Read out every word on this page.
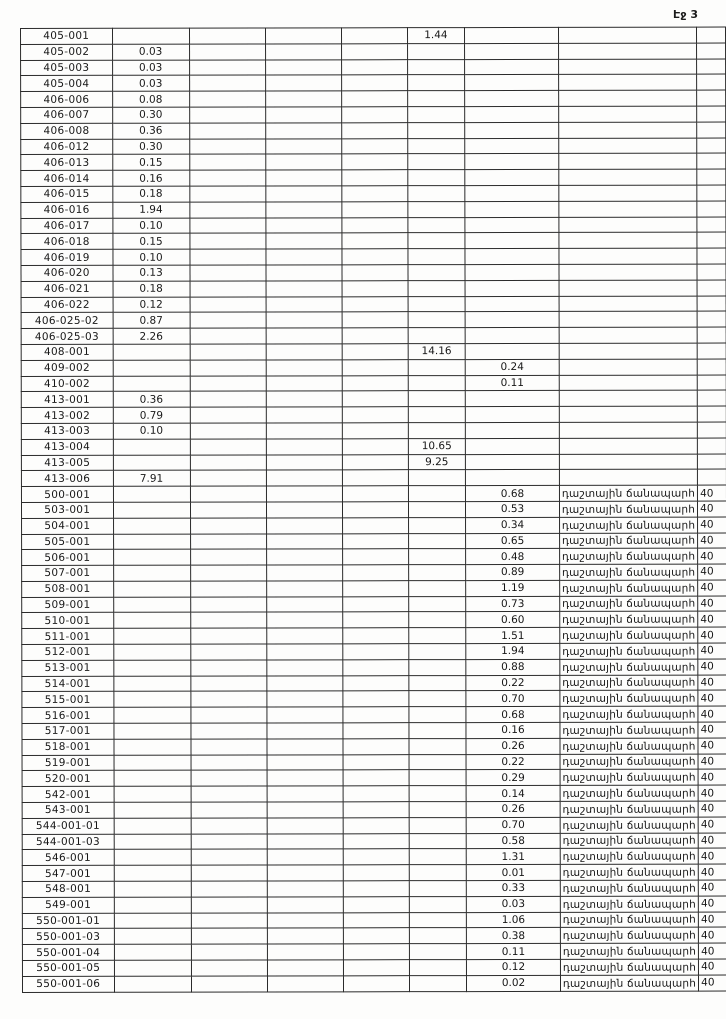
Էջ 3
405-001					1.44			
405-002	0.03							
405-003	0.03							
405-004	0.03							
406-006	0.08							
406-007	0.30							
406-008	0.36							
406-012	0.30							
406-013	0.15							
406-014	0.16							
406-015	0.18							
406-016	1.94							
406-017	0.10							
406-018	0.15							
406-019	0.10							
406-020	0.13							
406-021	0.18							
406-022	0.12							
406-025-02	0.87							
406-025-03	2.26							
408-001					14.16			
409-002						0.24		
410-002						0.11		
413-001	0.36							
413-002	0.79							
413-003	0.10							
413-004					10.65			
413-005					9.25			
413-006	7.91							
500-001						0.68	դաշտային ճանապարհ	40
503-001						0.53	դաշտային ճանապարհ	40
504-001						0.34	դաշտային ճանապարհ	40
505-001						0.65	դաշտային ճանապարհ	40
506-001						0.48	դաշտային ճանապարհ	40
507-001						0.89	դաշտային ճանապարհ	40
508-001						1.19	դաշտային ճանապարհ	40
509-001						0.73	դաշտային ճանապարհ	40
510-001						0.60	դաշտային ճանապարհ	40
511-001						1.51	դաշտային ճանապարհ	40
512-001						1.94	դաշտային ճանապարհ	40
513-001						0.88	դաշտային ճանապարհ	40
514-001						0.22	դաշտային ճանապարհ	40
515-001						0.70	դաշտային ճանապարհ	40
516-001						0.68	դաշտային ճանապարհ	40
517-001						0.16	դաշտային ճանապարհ	40
518-001						0.26	դաշտային ճանապարհ	40
519-001						0.22	դաշտային ճանապարհ	40
520-001						0.29	դաշտային ճանապարհ	40
542-001						0.14	դաշտային ճանապարհ	40
543-001						0.26	դաշտային ճանապարհ	40
544-001-01						0.70	դաշտային ճանապարհ	40
544-001-03						0.58	դաշտային ճանապարհ	40
546-001						1.31	դաշտային ճանապարհ	40
547-001						0.01	դաշտային ճանապարհ	40
548-001						0.33	դաշտային ճանապարհ	40
549-001						0.03	դաշտային ճանապարհ	40
550-001-01						1.06	դաշտային ճանապարհ	40
550-001-03						0.38	դաշտային ճանապարհ	40
550-001-04						0.11	դաշտային ճանապարհ	40
550-001-05						0.12	դաշտային ճանապարհ	40
550-001-06						0.02	դաշտային ճանապարհ	40
